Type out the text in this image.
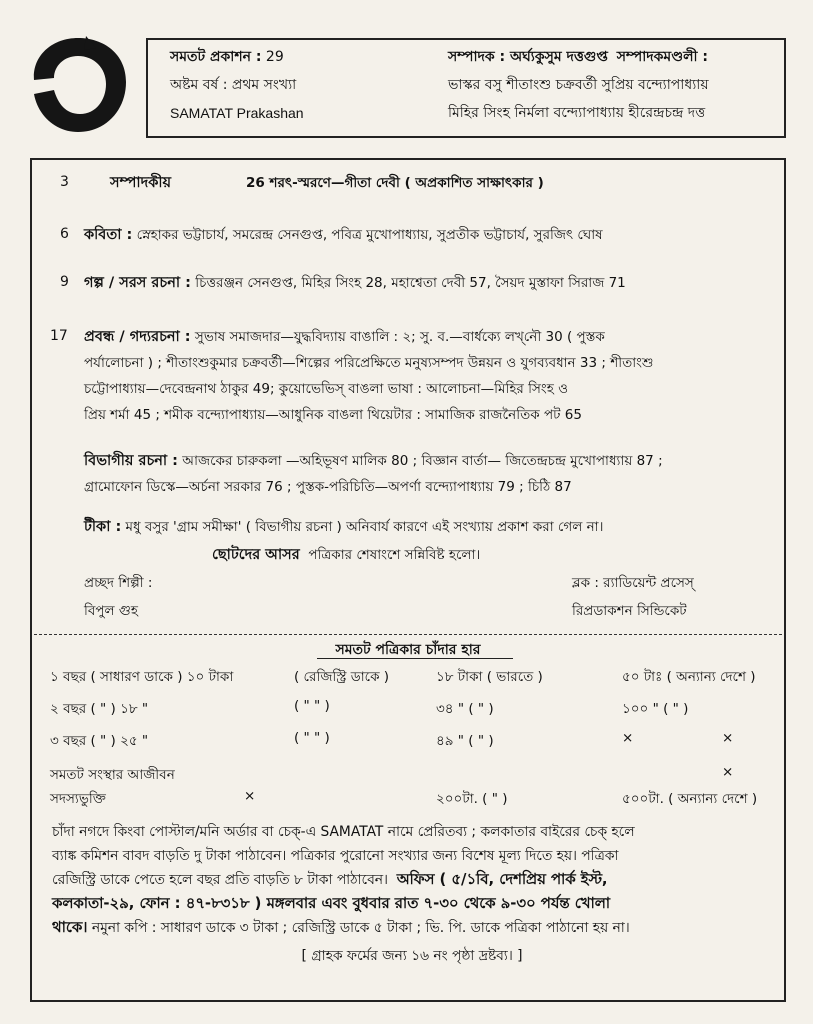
সমতট প্রকাশন : 29	সম্পাদক : অর্ঘ্যকুসুম দত্তগুপ্ত সম্পাদকমণ্ডলী :
অষ্টম বর্ষ : প্রথম সংখ্যা	ভাস্কর বসু শীতাংশু চক্রবর্তী সুপ্রিয় বন্দ্যোপাধ্যায়
SAMATAT Prakashan	মিহির সিংহ নির্মলা বন্দ্যোপাধ্যায় হীরেন্দ্রচন্দ্র দত্ত
3	সম্পাদকীয়	26 শরৎ-স্মরণে—গীতা দেবী ( অপ্রকাশিত সাক্ষাৎকার )
6 কবিতা : স্নেহাকর ভট্টাচার্য, সমরেন্দ্র সেনগুপ্ত, পবিত্র মুখোপাধ্যায়, সুপ্রতীক ভট্টাচার্য, সুরজিৎ ঘোষ
9 গল্প / সরস রচনা : চিত্তরঞ্জন সেনগুপ্ত, মিহির সিংহ 28, মহাশ্বেতা দেবী 57, সৈয়দ মুস্তাফা সিরাজ 71
17 প্রবন্ধ / গদ্যরচনা : সুভাষ সমাজদার—যুদ্ধবিদ্যায় বাঙালি : ২; সু. ব.—বার্ধক্যে লখ্‌নৌ 30 ( পুস্তক
পর্যালোচনা ) ; শীতাংশুকুমার চক্রবর্তী—শিল্পের পরিপ্রেক্ষিতে মনুষ্যসম্পদ উন্নয়ন ও যুগব্যবধান 33 ; শীতাংশু
চট্টোপাধ্যায়—দেবেন্দ্রনাথ ঠাকুর 49; কুয়োভেভিস্‌ বাঙলা ভাষা : আলোচনা—মিহির সিংহ ও
প্রিয় শর্মা 45 ; শমীক বন্দ্যোপাধ্যায়—আধুনিক বাঙলা থিয়েটার : সামাজিক রাজনৈতিক পট 65
বিভাগীয় রচনা : আজকের চারুকলা —অহিভূষণ মালিক 80 ; বিজ্ঞান বার্তা— জিতেন্দ্রচন্দ্র মুখোপাধ্যায় 87 ;
গ্রামোফোন ডিস্কে—অর্চনা সরকার 76 ; পুস্তক-পরিচিতি—অপর্ণা বন্দ্যোপাধ্যায় 79 ; চিঠি 87
টীকা : মধু বসুর 'গ্রাম সমীক্ষা' ( বিভাগীয় রচনা ) অনিবার্য কারণে এই সংখ্যায় প্রকাশ করা গেল না।
ছোটদের আসর পত্রিকার শেষাংশে সন্নিবিষ্ট হলো।
প্রচ্ছদ শিল্পী :
বিপুল গুহ
ব্লক : র‍্যাডিয়েন্ট প্রসেস্‌
রিপ্রডাকশন সিন্ডিকেট
সমতট পত্রিকার চাঁদার হার
১ বছর ( সাধারণ ডাকে ) ১০ টাকা	( রেজিস্ট্রি ডাকে )	১৮ টাকা ( ভারতে )	৫০ টাঃ ( অন্যান্য দেশে )
২ বছর ( " ) ১৮ "	( " " )	৩৪ " ( " )	১০০ " ( " )
৩ বছর ( " ) ২৫ "	( " " )	৪৯ " ( " )	×	×
সমতট সংস্থার আজীবন	×
সদস্যভুক্তি	×	২০০টা. ( " )	৫০০টা. ( অন্যান্য দেশে )
চাঁদা নগদে কিংবা পোস্টাল/মনি অর্ডার বা চেক্‌-এ SAMATAT নামে প্রেরিতব্য ; কলকাতার বাইরের চেক্‌ হলে
ব্যাঙ্ক কমিশন বাবদ বাড়তি দু টাকা পাঠাবেন। পত্রিকার পুরোনো সংখ্যার জন্য বিশেষ মূল্য দিতে হয়। পত্রিকা
রেজিস্ট্রি ডাকে পেতে হলে বছর প্রতি বাড়তি ৮ টাকা পাঠাবেন। অফিস ( ৫/১বি, দেশপ্রিয় পার্ক ইস্ট,
কলকাতা-২৯, ফোন : ৪৭-৮৩১৮ ) মঙ্গলবার এবং বুধবার রাত ৭-৩০ থেকে ৯-৩০ পর্যন্ত খোলা
থাকে। নমুনা কপি : সাধারণ ডাকে ৩ টাকা ; রেজিস্ট্রি ডাকে ৫ টাকা ; ভি. পি. ডাকে পত্রিকা পাঠানো হয় না।
[ গ্রাহক ফর্মের জন্য ১৬ নং পৃষ্ঠা দ্রষ্টব্য। ]
